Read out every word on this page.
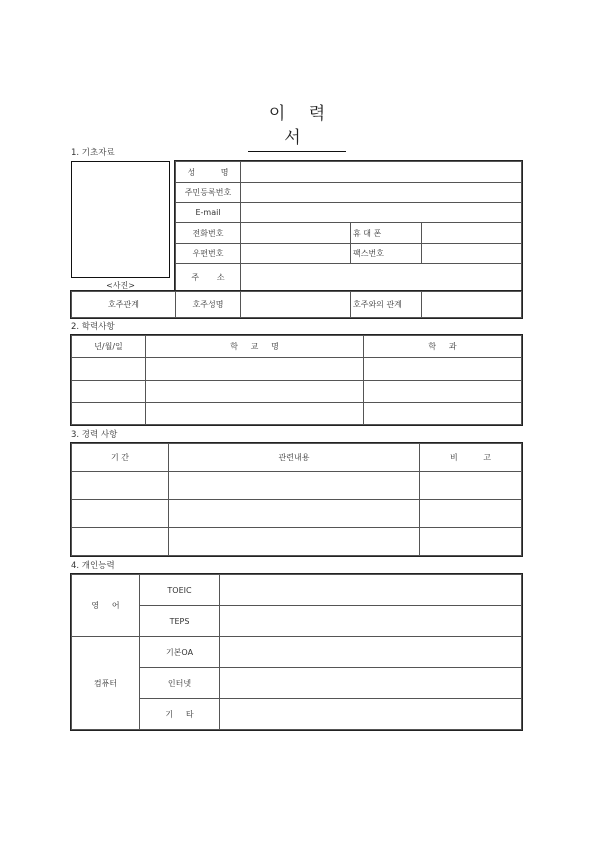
이 력 서
1. 기초자료
<사진>
성          명			
주민등록번호			
E-mail			
전화번호		휴 대 폰	
우편번호		팩스번호	
주       소			
호주관계	호주성명		호주와의 관계	
2. 학력사항
년/월/일	학     교     명	학     과

3. 경력 사항
기 간	관련내용	비          고

4. 개인능력
영     어	TOEIC	
	TEPS	
컴퓨터	기본OA	
	인터넷	
	기     타	
